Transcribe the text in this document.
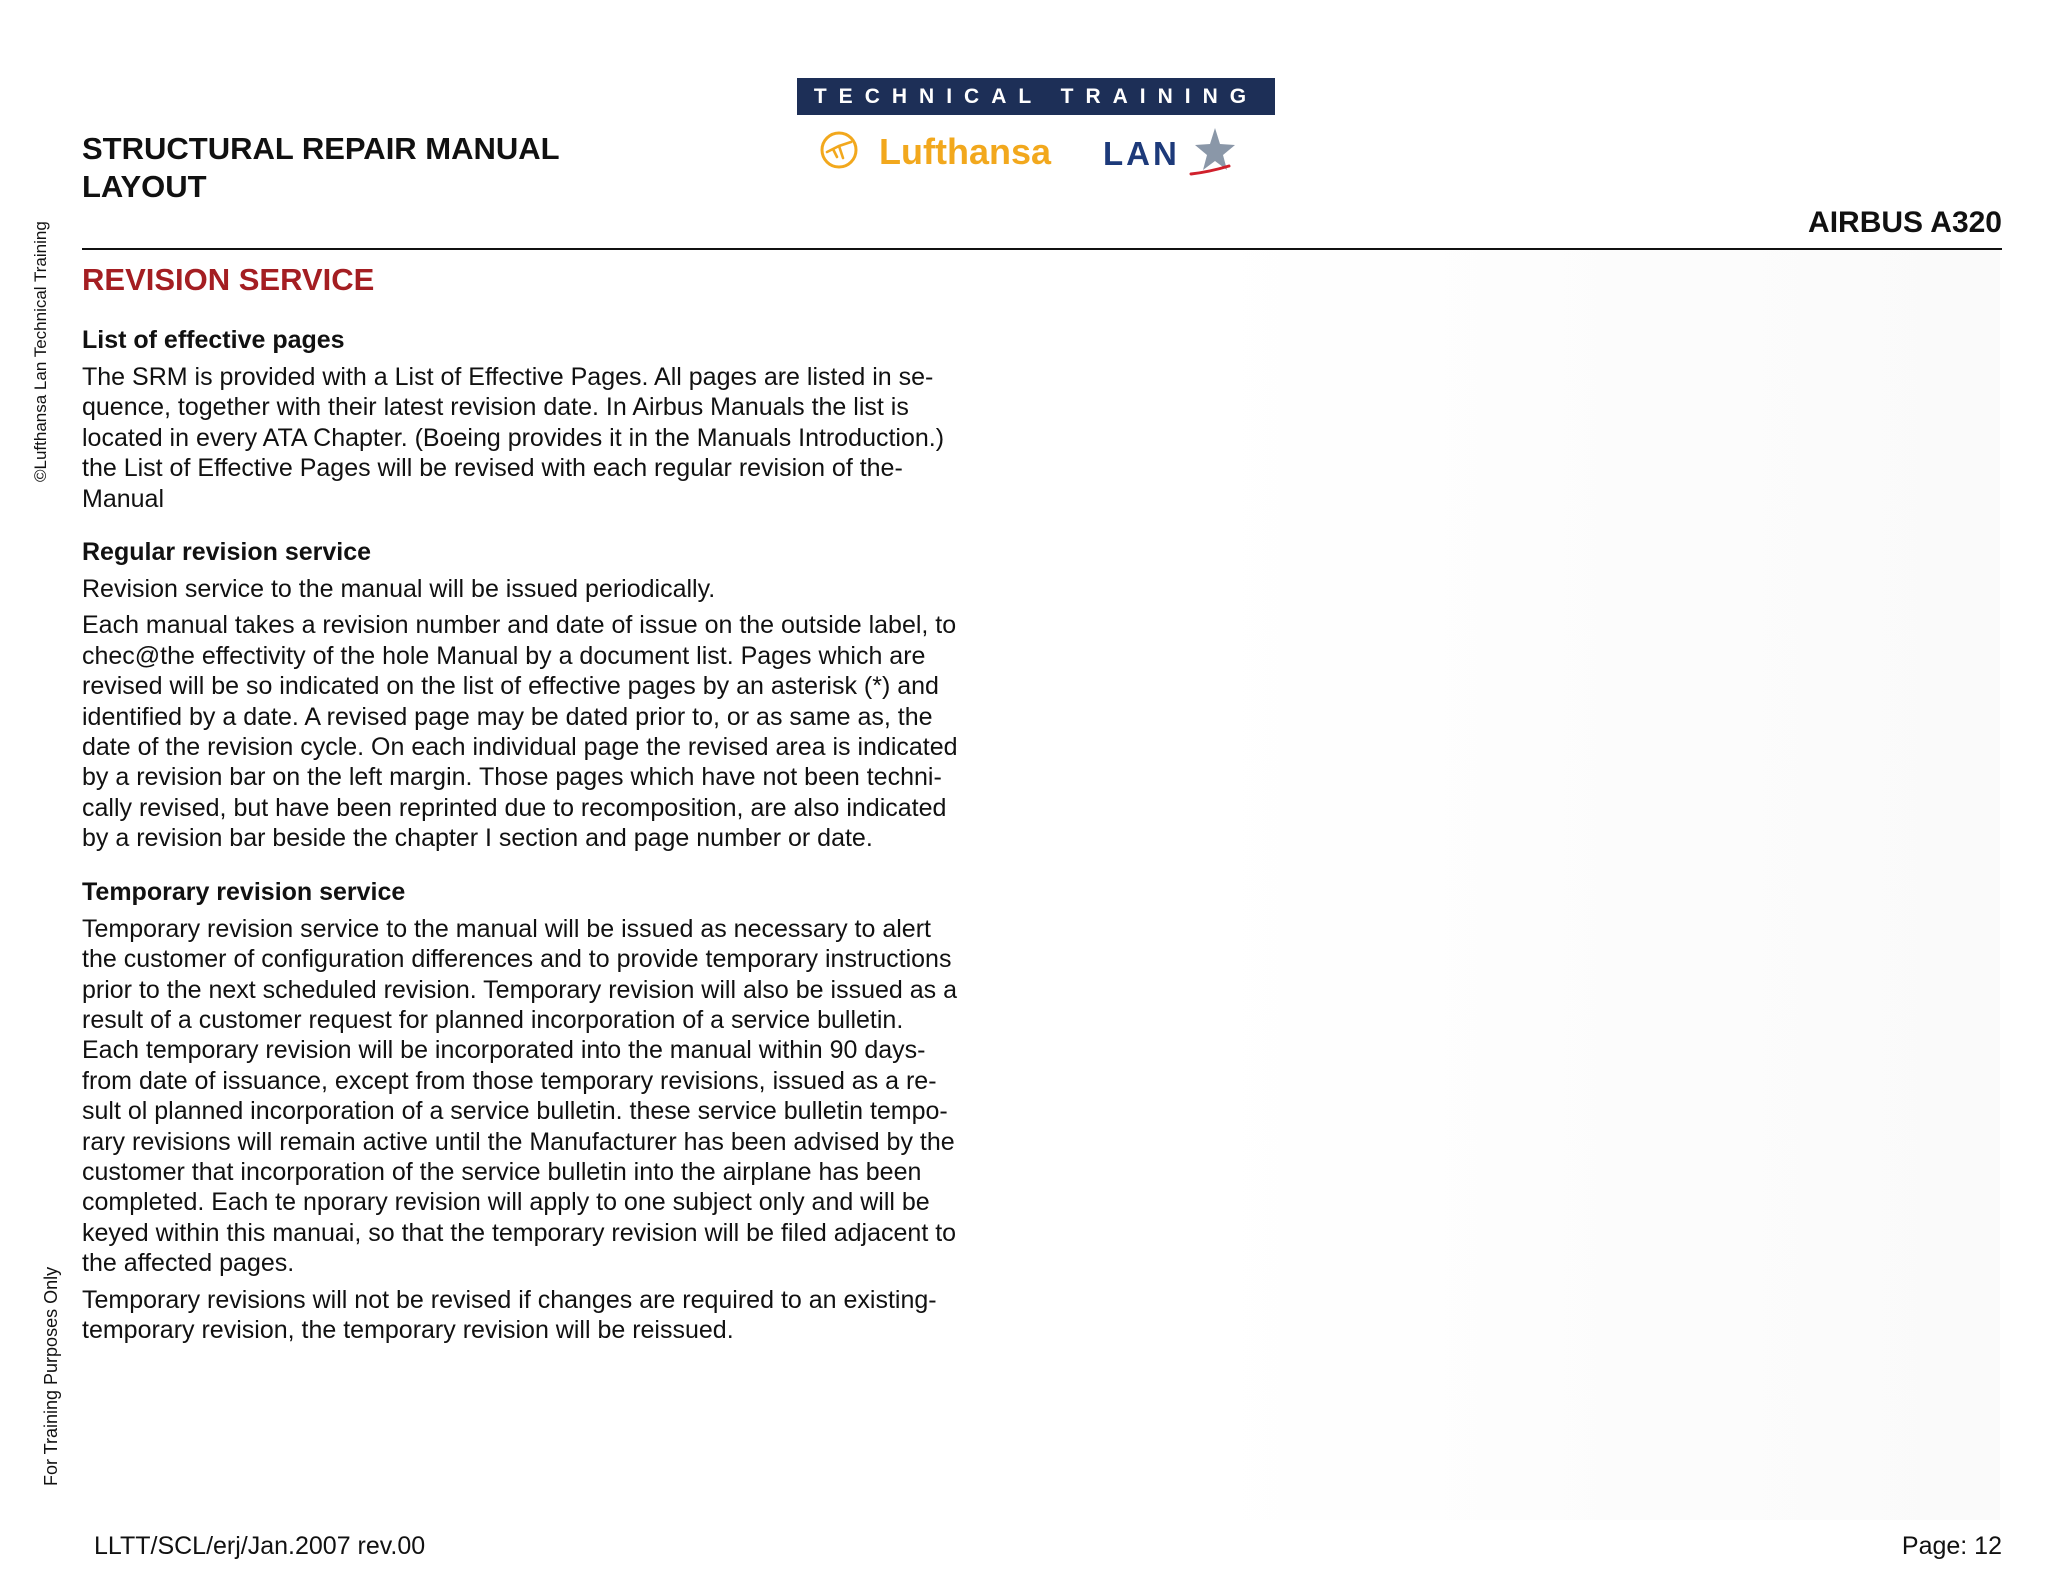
STRUCTURAL REPAIR MANUAL
LAYOUT
TECHNICAL TRAINING
Lufthansa LAN
AIRBUS A320
©Lufthansa Lan Technical Training
For Training Purposes Only
REVISION SERVICE
List of effective pages

The SRM is provided with a List of Effective Pages. All pages are listed in se-
quence, together with their latest revision date. In Airbus Manuals the list is
located in every ATA Chapter. (Boeing provides it in the Manuals Introduction.)
the List of Effective Pages will be revised with each regular revision of the-
Manual

Regular revision service

Revision service to the manual will be issued periodically.

Each manual takes a revision number and date of issue on the outside label, to
chec@the effectivity of the hole Manual by a document list. Pages which are
revised will be so indicated on the list of effective pages by an asterisk (*) and
identified by a date. A revised page may be dated prior to, or as same as, the
date of the revision cycle. On each individual page the revised area is indicated
by a revision bar on the left margin. Those pages which have not been techni-
cally revised, but have been reprinted due to recomposition, are also indicated
by a revision bar beside the chapter I section and page number or date.

Temporary revision service

Temporary revision service to the manual will be issued as necessary to alert
the customer of configuration differences and to provide temporary instructions
prior to the next scheduled revision. Temporary revision will also be issued as a
result of a customer request for planned incorporation of a service bulletin.
Each temporary revision will be incorporated into the manual within 90 days-
from date of issuance, except from those temporary revisions, issued as a re-
sult ol planned incorporation of a service bulletin. these service bulletin tempo-
rary revisions will remain active until the Manufacturer has been advised by the
customer that incorporation of the service bulletin into the airplane has been
completed. Each te nporary revision will apply to one subject only and will be
keyed within this manuai, so that the temporary revision will be filed adjacent to
the affected pages.

Temporary revisions will not be revised if changes are required to an existing-
temporary revision, the temporary revision will be reissued.

LLTT/SCL/erj/Jan.2007 rev.00	Page: 12
